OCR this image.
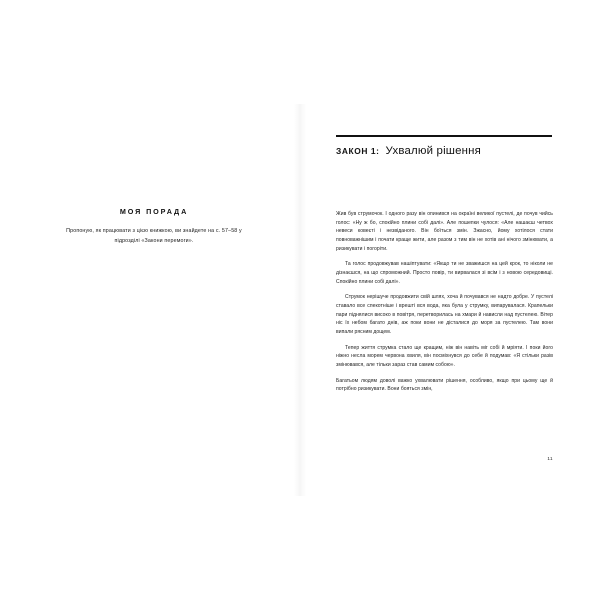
МОЯ ПОРАДА
Пропоную, як працювати з цією книжкою, ви знайдете на с. 57–58 у підрозділі «Закони перемоги».
ЗАКОН 1: Ухвалюй рішення

Жив був струмочок. І одного разу він опинився на окраїні великої пустелі, де почув чийсь голос: «Ну ж бо, спокійно плини собі далі». Але пошепки чулося: «Але нашаєш четвох невеси ковеєті і незвіданого. Він боїться змін. Зжасно, йому хотілося стати повноважнішим і почати краще жити, але разом з тим він не хотів ані нічого змінювати, а ризикувати і погоріти.

Та голос продовжував нашіптувати: «Якщо ти не зважишся на цей крок, то ніколи не дізнаєшся, на що спроможний. Просто повір, ти вирвалася зі всім і з новою середовищі. Спокійно плини собі далі».

Струмок нерішуче продовжити свій шлях, хоча й почувався не надто добре. У пустелі ставало все спекотніше і врешті вся вода, яка була у струмку, випарувалася. Крапельки пари піднялися високо в повітря, перетворилась на хмари й нависли над пустелею. Вітер ніс їх небом багато днів, аж поки вони не дісталися до моря за пустелею. Там вони випали рясним дощем.

Тепер життя струмка стало ще кращим, ніж він навіть міг собі й мріяти. І поки його ніжно несла морем червона хвиля, він посміхнувся до себе й подумав: «Я стільки разів змінювався, але тільки зараз став самим собою».

Багатьом людям доволі важко ухвалювати рішення, особливо, якщо при цьому ще й потрібно ризикувати. Вони бояться змін,

11
